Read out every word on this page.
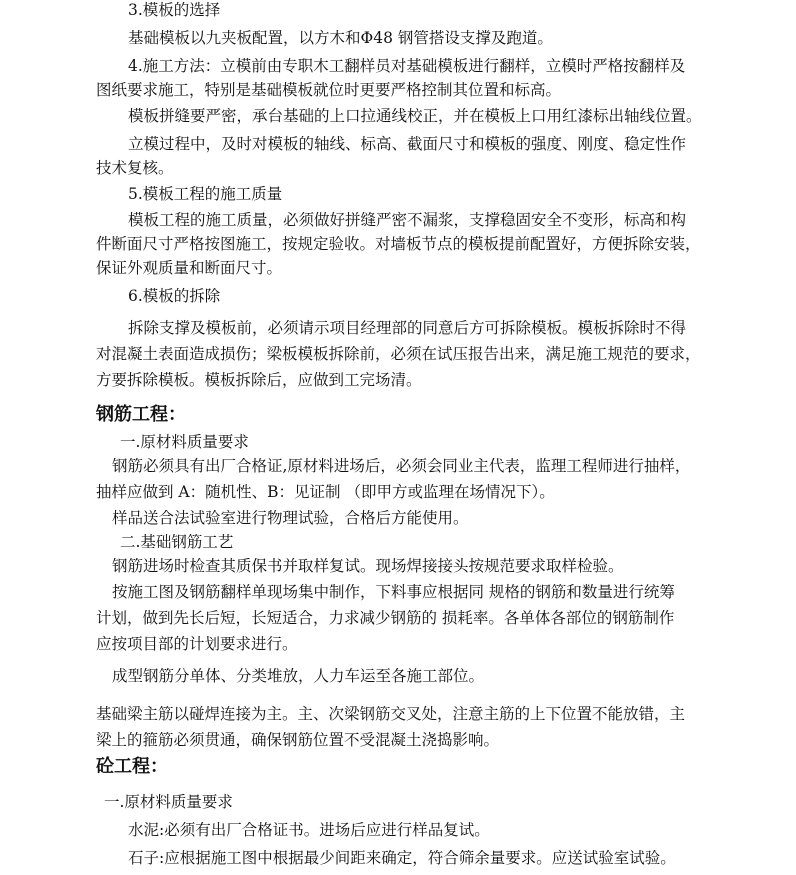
3.模板的选择
基础模板以九夹板配置，以方木和Φ48 钢管搭设支撑及跑道。
4.施工方法：立模前由专职木工翻样员对基础模板进行翻样，立模时严格按翻样及
图纸要求施工，特别是基础模板就位时更要严格控制其位置和标高。
模板拼缝要严密，承台基础的上口拉通线校正，并在模板上口用红漆标出轴线位置。
立模过程中，及时对模板的轴线、标高、截面尺寸和模板的强度、刚度、稳定性作
技术复核。
5.模板工程的施工质量
模板工程的施工质量，必须做好拼缝严密不漏浆，支撑稳固安全不变形，标高和构
件断面尺寸严格按图施工，按规定验收。对墙板节点的模板提前配置好，方便拆除安装，
保证外观质量和断面尺寸。
6.模板的拆除
拆除支撑及模板前，必须请示项目经理部的同意后方可拆除模板。模板拆除时不得
对混凝土表面造成损伤；梁板模板拆除前，必须在试压报告出来，满足施工规范的要求，
方要拆除模板。模板拆除后，应做到工完场清。
钢筋工程：
一.原材料质量要求
钢筋必须具有出厂合格证,原材料进场后，必须会同业主代表，监理工程师进行抽样，
抽样应做到 A：随机性、B：见证制 （即甲方或监理在场情况下）。
样品送合法试验室进行物理试验，合格后方能使用。
二.基础钢筋工艺
钢筋进场时检查其质保书并取样复试。现场焊接接头按规范要求取样检验。
按施工图及钢筋翻样单现场集中制作，下料事应根据同 规格的钢筋和数量进行统筹
计划，做到先长后短，长短适合，力求减少钢筋的 损耗率。各单体各部位的钢筋制作
应按项目部的计划要求进行。
成型钢筋分单体、分类堆放，人力车运至各施工部位。
基础梁主筋以碰焊连接为主。主、次梁钢筋交叉处，注意主筋的上下位置不能放错，主
梁上的箍筋必须贯通，确保钢筋位置不受混凝土浇捣影响。
砼工程：
一.原材料质量要求
水泥:必须有出厂合格证书。进场后应进行样品复试。
石子:应根据施工图中根据最少间距来确定，符合筛余量要求。应送试验室试验。
